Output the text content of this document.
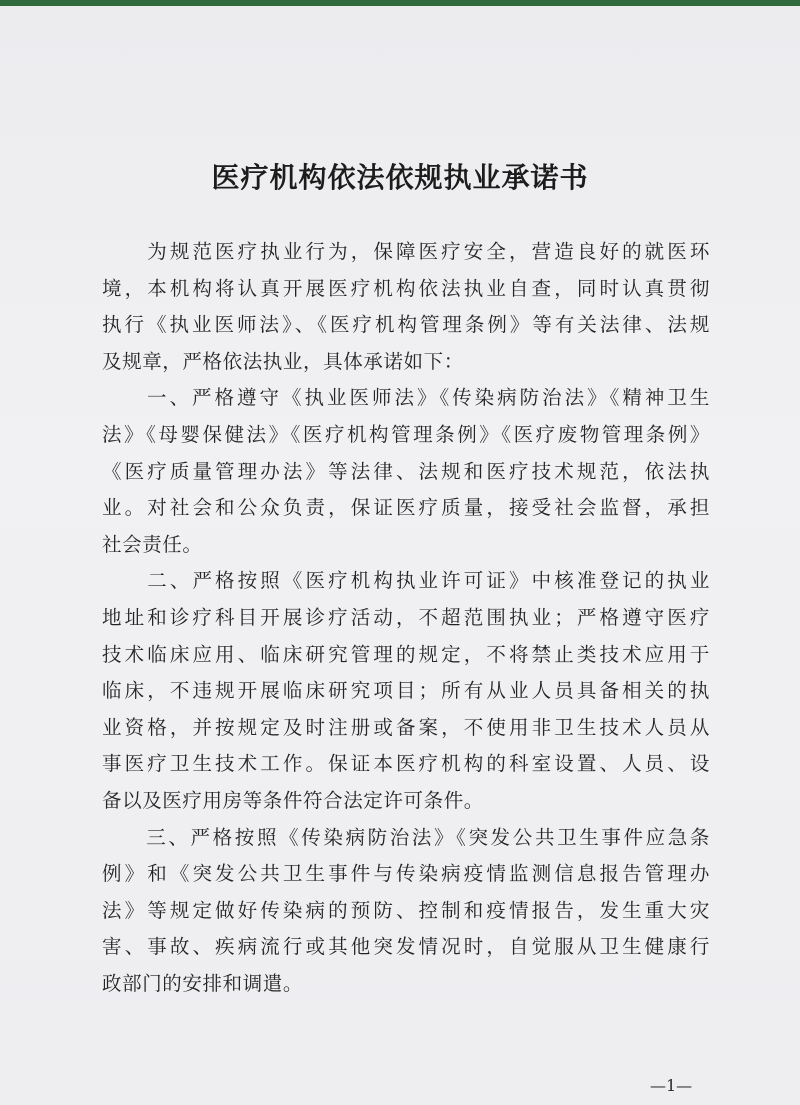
医疗机构依法依规执业承诺书

　　为规范医疗执业行为，保障医疗安全，营造良好的就医环
境，本机构将认真开展医疗机构依法执业自查，同时认真贯彻
执行《执业医师法》、《医疗机构管理条例》等有关法律、法规
及规章，严格依法执业，具体承诺如下：

　　一、严格遵守《执业医师法》《传染病防治法》《精神卫生
法》《母婴保健法》《医疗机构管理条例》《医疗废物管理条例》
《医疗质量管理办法》等法律、法规和医疗技术规范，依法执
业。对社会和公众负责，保证医疗质量，接受社会监督，承担
社会责任。

　　二、严格按照《医疗机构执业许可证》中核准登记的执业
地址和诊疗科目开展诊疗活动，不超范围执业；严格遵守医疗
技术临床应用、临床研究管理的规定，不将禁止类技术应用于
临床，不违规开展临床研究项目；所有从业人员具备相关的执
业资格，并按规定及时注册或备案，不使用非卫生技术人员从
事医疗卫生技术工作。保证本医疗机构的科室设置、人员、设
备以及医疗用房等条件符合法定许可条件。

　　三、严格按照《传染病防治法》《突发公共卫生事件应急条
例》和《突发公共卫生事件与传染病疫情监测信息报告管理办
法》等规定做好传染病的预防、控制和疫情报告，发生重大灾
害、事故、疾病流行或其他突发情况时，自觉服从卫生健康行
政部门的安排和调遣。

—1—
